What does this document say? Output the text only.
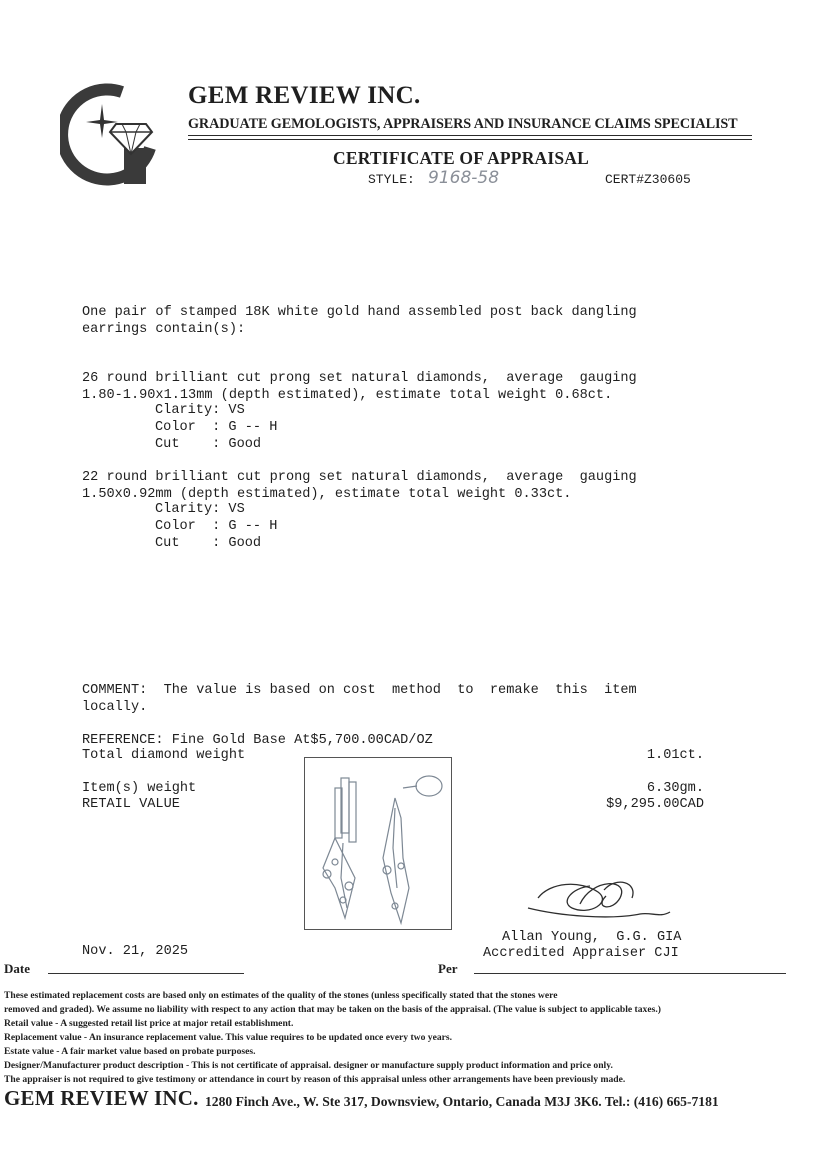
GEM REVIEW INC.
GRADUATE GEMOLOGISTS, APPRAISERS AND INSURANCE CLAIMS SPECIALIST
CERTIFICATE OF APPRAISAL
STYLE: 9168-58	CERT#Z30605
One pair of stamped 18K white gold hand assembled post back dangling
earrings contain(s):
26 round brilliant cut prong set natural diamonds,  average  gauging
1.80-1.90x1.13mm (depth estimated), estimate total weight 0.68ct.
Clarity: VS
Color  : G -- H
Cut    : Good
22 round brilliant cut prong set natural diamonds,  average  gauging
1.50x0.92mm (depth estimated), estimate total weight 0.33ct.
Clarity: VS
Color  : G -- H
Cut    : Good
COMMENT:  The value is based on cost  method  to  remake  this  item
locally.
REFERENCE: Fine Gold Base At$5,700.00CAD/OZ
Total diamond weight	1.01ct.
Item(s) weight	6.30gm.
RETAIL VALUE	$9,295.00CAD
Allan Young,  G.G. GIA
Accredited Appraiser CJI
Nov. 21, 2025
Date	Per
These estimated replacement costs are based only on estimates of the quality of the stones (unless specifically stated that the stones were
removed and graded). We assume no liability with respect to any action that may be taken on the basis of the appraisal. (The value is subject to applicable taxes.)
Retail value - A suggested retail list price at major retail establishment.
Replacement value - An insurance replacement value. This value requires to be updated once every two years.
Estate value - A fair market value based on probate purposes.
Designer/Manufacturer product description - This is not certificate of appraisal. designer or manufacture supply product information and price only.
The appraiser is not required to give testimony or attendance in court by reason of this appraisal unless other arrangements have been previously made.
GEM REVIEW INC. 1280 Finch Ave., W. Ste 317, Downsview, Ontario, Canada M3J 3K6. Tel.: (416) 665-7181
